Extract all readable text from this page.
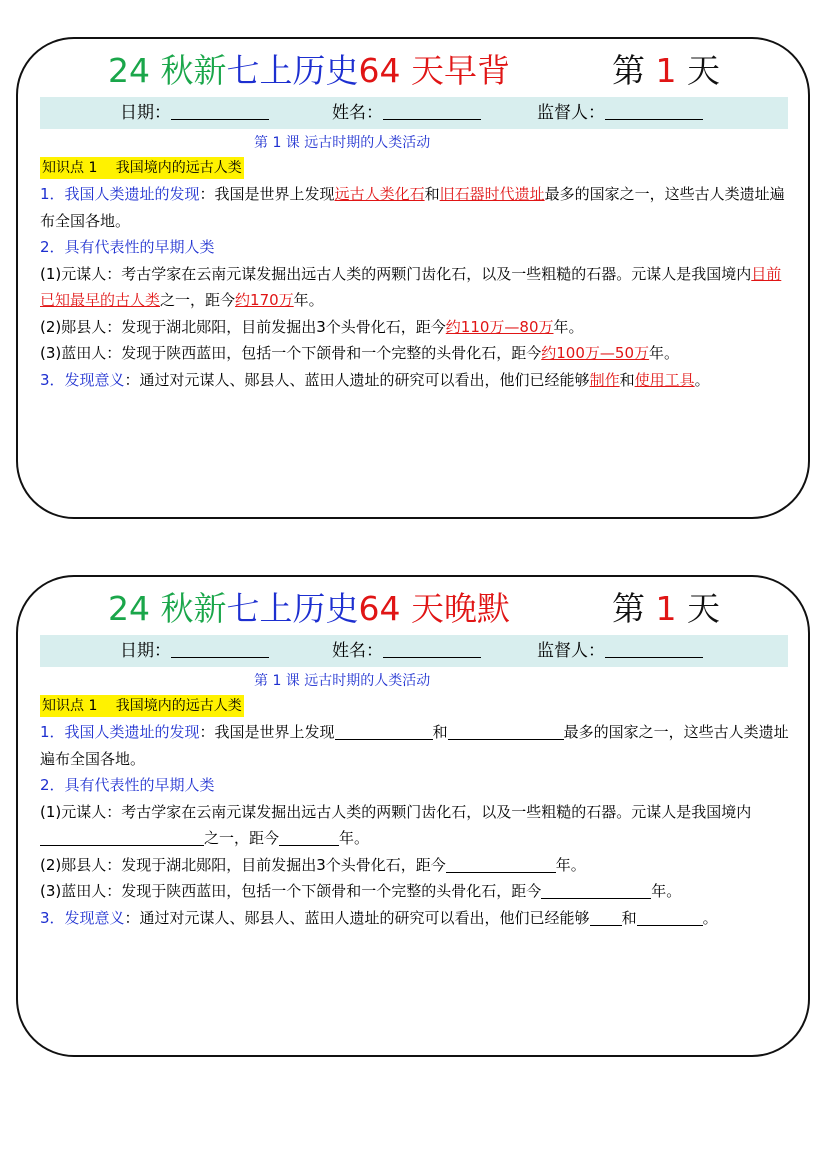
24 秋新七上历史64 天早背	第 1 天
日期：	姓名：	监督人：
第 1 课 远古时期的人类活动
知识点 1　 我国境内的远古人类

1．我国人类遗址的发现：我国是世界上发现远古人类化石和旧石器时代遗址最多的国家之一，这些古人类遗址遍布全国各地。

2．具有代表性的早期人类

(1)元谋人：考古学家在云南元谋发掘出远古人类的两颗门齿化石，以及一些粗糙的石器。元谋人是我国境内目前已知最早的古人类之一，距今约170万年。

(2)郧县人：发现于湖北郧阳，目前发掘出3个头骨化石，距今约110万—80万年。

(3)蓝田人：发现于陕西蓝田，包括一个下颌骨和一个完整的头骨化石，距今约100万—50万年。

3．发现意义：通过对元谋人、郧县人、蓝田人遗址的研究可以看出，他们已经能够制作和使用工具。

24 秋新七上历史64 天晚默	第 1 天
日期：	姓名：	监督人：
第 1 课 远古时期的人类活动
知识点 1　 我国境内的远古人类

1．我国人类遗址的发现：我国是世界上发现	和	最多的国家之一，这些古人类遗址遍布全国各地。

2．具有代表性的早期人类

(1)元谋人：考古学家在云南元谋发掘出远古人类的两颗门齿化石，以及一些粗糙的石器。元谋人是我国境内之一，距今	年。

(2)郧县人：发现于湖北郧阳，目前发掘出3个头骨化石，距今	年。

(3)蓝田人：发现于陕西蓝田，包括一个下颌骨和一个完整的头骨化石，距今	年。

3．发现意义：通过对元谋人、郧县人、蓝田人遗址的研究可以看出，他们已经能够 和	。
